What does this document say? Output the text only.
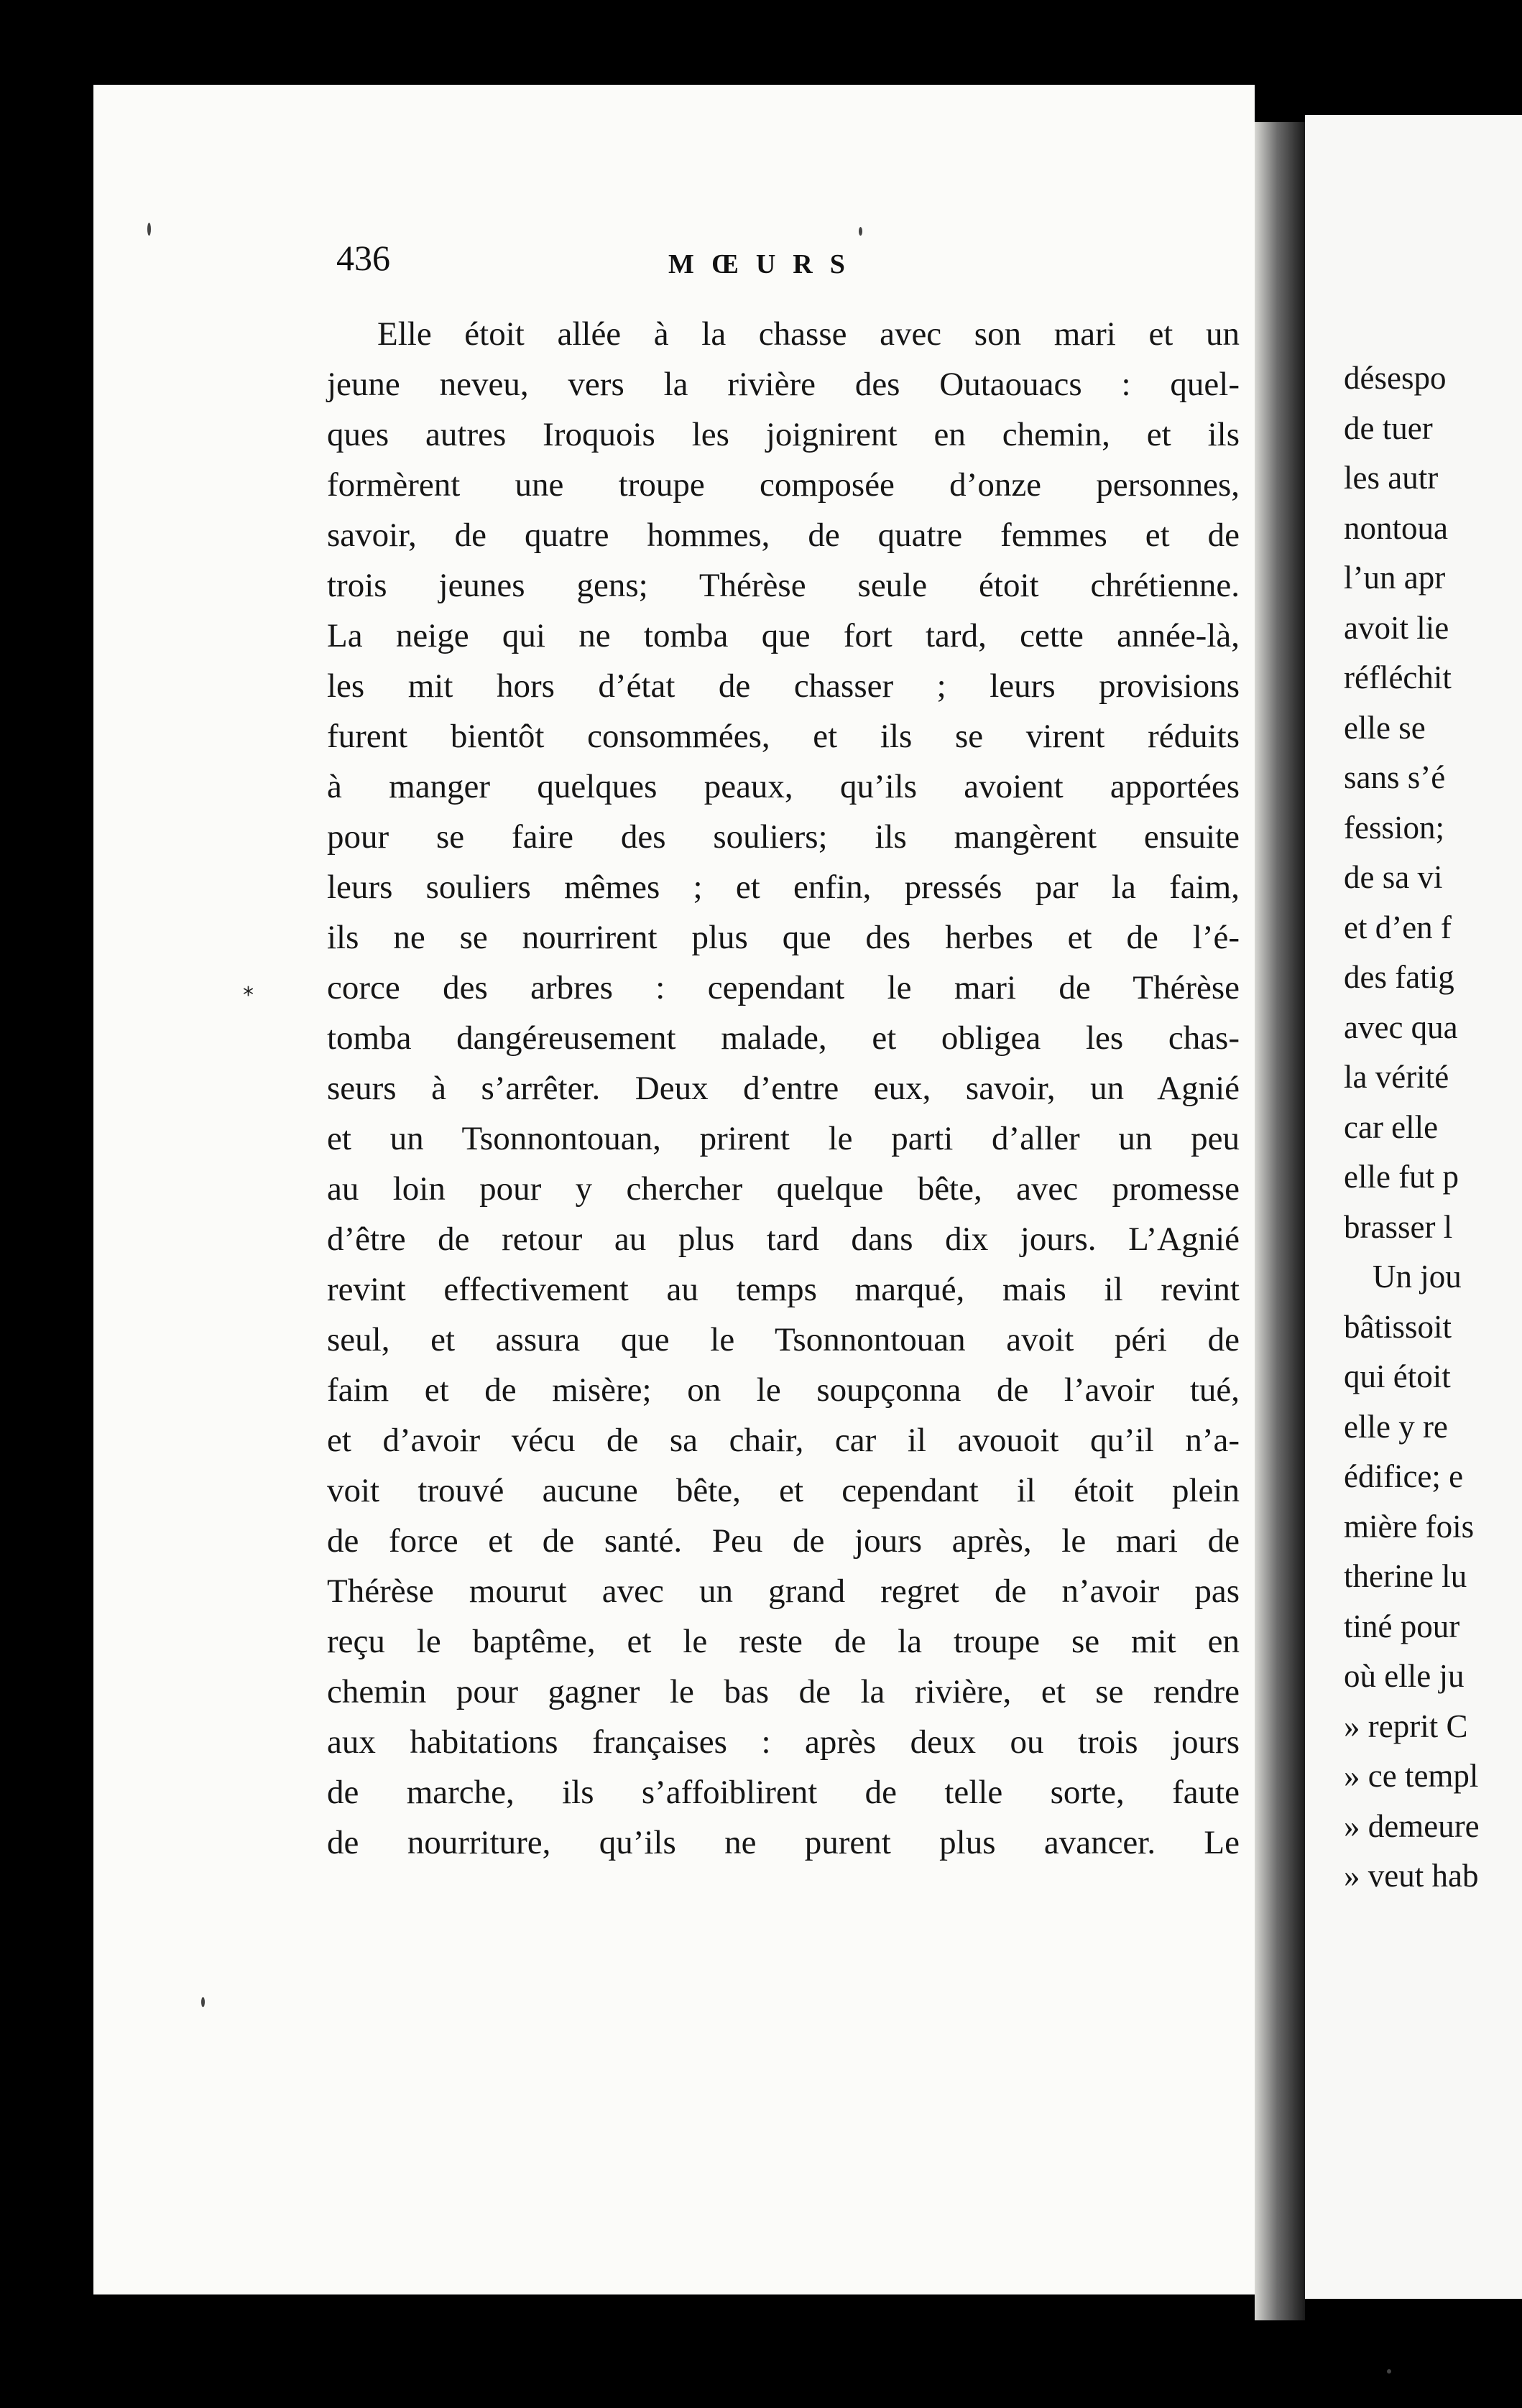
436	MŒURS
Elle étoit allée à la chasse avec son mari et un
jeune neveu, vers la rivière des Outaouacs : quel-
ques autres Iroquois les joignirent en chemin, et ils
formèrent une troupe composée d’onze personnes,
savoir, de quatre hommes, de quatre femmes et de
trois jeunes gens; Thérèse seule étoit chrétienne.
La neige qui ne tomba que fort tard, cette année-là,
les mit hors d’état de chasser ; leurs provisions
furent bientôt consommées, et ils se virent réduits
à manger quelques peaux, qu’ils avoient apportées
pour se faire des souliers; ils mangèrent ensuite
leurs souliers mêmes ; et enfin, pressés par la faim,
ils ne se nourrirent plus que des herbes et de l’é-
corce des arbres : cependant le mari de Thérèse
tomba dangéreusement malade, et obligea les chas-
seurs à s’arrêter. Deux d’entre eux, savoir, un Agnié
et un Tsonnontouan, prirent le parti d’aller un peu
au loin pour y chercher quelque bête, avec promesse
d’être de retour au plus tard dans dix jours. L’Agnié
revint effectivement au temps marqué, mais il revint
seul, et assura que le Tsonnontouan avoit péri de
faim et de misère; on le soupçonna de l’avoir tué,
et d’avoir vécu de sa chair, car il avouoit qu’il n’a-
voit trouvé aucune bête, et cependant il étoit plein
de force et de santé. Peu de jours après, le mari de
Thérèse mourut avec un grand regret de n’avoir pas
reçu le baptême, et le reste de la troupe se mit en
chemin pour gagner le bas de la rivière, et se rendre
aux habitations françaises : après deux ou trois jours
de marche, ils s’affoiblirent de telle sorte, faute
de nourriture, qu’ils ne purent plus avancer. Le
*
désespo
de tuer
les autr
nontoua
l’un apr
avoit lie
réfléchit
elle se
sans s’é
fession;
de sa vi
et d’en f
des fatig
avec qua
la vérité
car elle
elle fut p
brasser l
Un jou
bâtissoit
qui étoit
elle y re
édifice; e
mière fois
therine lu
tiné pour
où elle ju
» reprit C
» ce templ
» demeure
» veut hab
